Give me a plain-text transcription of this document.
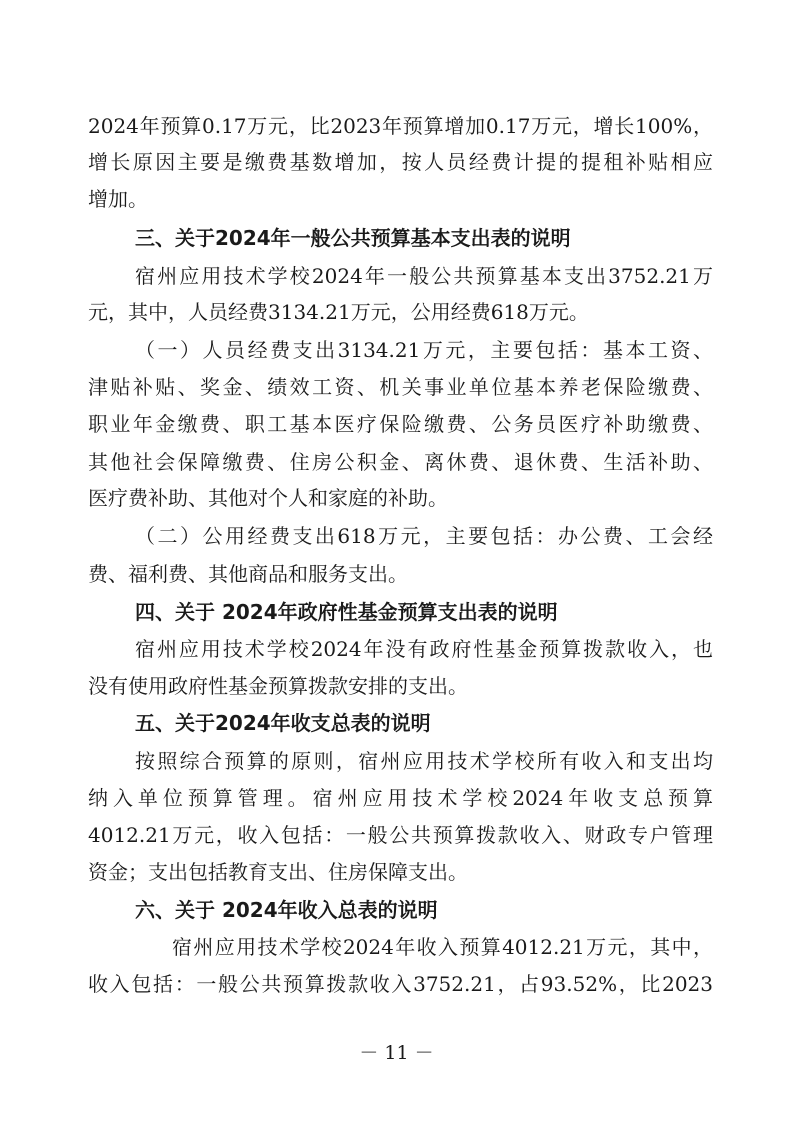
2024年预算0.17万元，比2023年预算增加0.17万元，增长100%，
增长原因主要是缴费基数增加，按人员经费计提的提租补贴相应
增加。
三、关于2024年一般公共预算基本支出表的说明
宿州应用技术学校2024年一般公共预算基本支出3752.21万
元，其中，人员经费3134.21万元，公用经费618万元。
（一）人员经费支出3134.21万元，主要包括：基本工资、
津贴补贴、奖金、绩效工资、机关事业单位基本养老保险缴费、
职业年金缴费、职工基本医疗保险缴费、公务员医疗补助缴费、
其他社会保障缴费、住房公积金、离休费、退休费、生活补助、
医疗费补助、其他对个人和家庭的补助。
（二）公用经费支出618万元，主要包括：办公费、工会经
费、福利费、其他商品和服务支出。
四、关于 2024年政府性基金预算支出表的说明
宿州应用技术学校2024年没有政府性基金预算拨款收入，也
没有使用政府性基金预算拨款安排的支出。
五、关于2024年收支总表的说明
按照综合预算的原则，宿州应用技术学校所有收入和支出均
纳入单位预算管理。宿州应用技术学校2024年收支总预算
4012.21万元，收入包括：一般公共预算拨款收入、财政专户管理
资金；支出包括教育支出、住房保障支出。
六、关于 2024年收入总表的说明
宿州应用技术学校2024年收入预算4012.21万元，其中，
收入包括：一般公共预算拨款收入3752.21，占93.52%，比2023
－ 11 －
